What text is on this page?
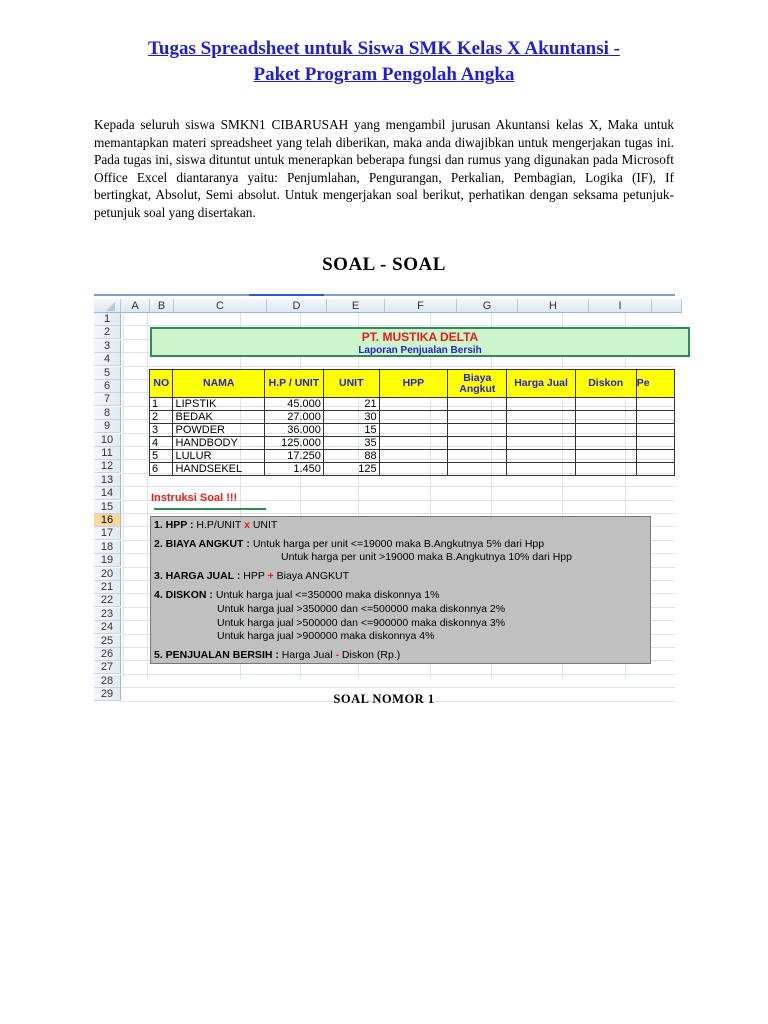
Tugas Spreadsheet untuk Siswa SMK Kelas X Akuntansi -
Paket Program Pengolah Angka
Kepada seluruh siswa SMKN1 CIBARUSAH yang mengambil jurusan Akuntansi kelas X, Maka untuk memantapkan materi spreadsheet yang telah diberikan, maka anda diwajibkan untuk mengerjakan tugas ini. Pada tugas ini, siswa dituntut untuk menerapkan beberapa fungsi dan rumus yang digunakan pada Microsoft Office Excel diantaranya yaitu: Penjumlahan, Pengurangan, Perkalian, Pembagian, Logika (IF), If bertingkat, Absolut, Semi absolut. Untuk mengerjakan soal berikut, perhatikan dengan seksama petunjuk-petunjuk soal yang disertakan.
SOAL - SOAL
A	B	C	D	E	F	G	H	I
1
2
3
4
5
6
7
8
9
10
11
12
13
14
15
16
17
18
19
20
21
22
23
24
25
26
27
28
29
PT. MUSTIKA DELTA
Laporan Penjualan Bersih
NO	NAMA	H.P / UNIT	UNIT	HPP	Biaya Angkut	Harga Jual	Diskon	Pe
1	LIPSTIK	45.000	21					
2	BEDAK	27.000	30					
3	POWDER	36.000	15					
4	HANDBODY	125.000	35					
5	LULUR	17.250	88					
6	HANDSEKEL	1.450	125					
Instruksi Soal !!!
1. HPP : H.P/UNIT x UNIT
2. BIAYA ANGKUT : Untuk harga per unit <=19000 maka B.Angkutnya 5% dari Hpp
Untuk harga per unit >19000 maka B.Angkutnya 10% dari Hpp
3. HARGA JUAL : HPP + Biaya ANGKUT
4. DISKON : Untuk harga jual <=350000 maka diskonnya 1%
Untuk harga jual >350000 dan <=500000 maka diskonnya 2%
Untuk harga jual >500000 dan <=900000 maka diskonnya 3%
Untuk harga jual >900000 maka diskonnya 4%
5. PENJUALAN BERSIH : Harga Jual - Diskon (Rp.)
SOAL NOMOR 1
